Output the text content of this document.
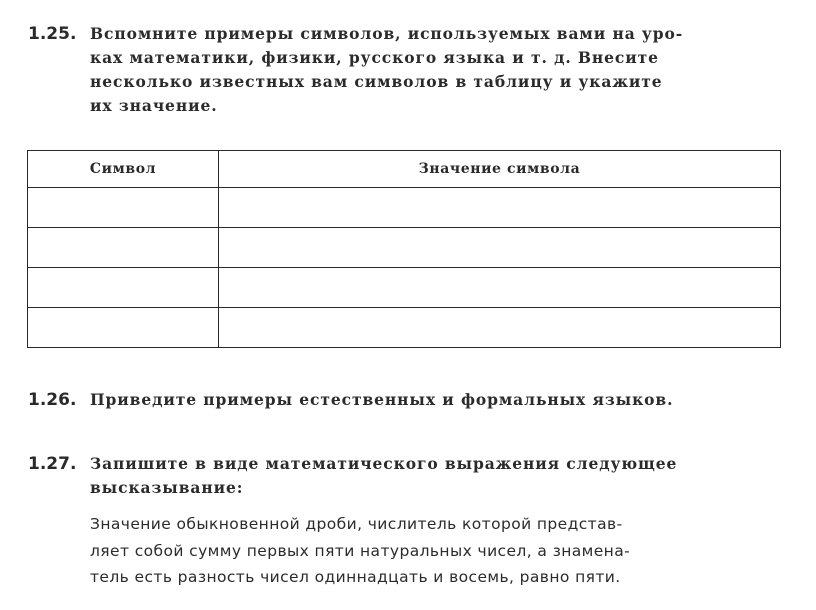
1.25. Вспомните примеры символов, используемых вами на уро-
ках математики, физики, русского языка и т. д. Внесите
несколько известных вам символов в таблицу и укажите
их значение.
Символ	Значение символа

1.26. Приведите примеры естественных и формальных языков.
1.27. Запишите в виде математического выражения следующее
высказывание:
Значение обыкновенной дроби, числитель которой представ-
ляет собой сумму первых пяти натуральных чисел, а знамена-
тель есть разность чисел одиннадцать и восемь, равно пяти.
